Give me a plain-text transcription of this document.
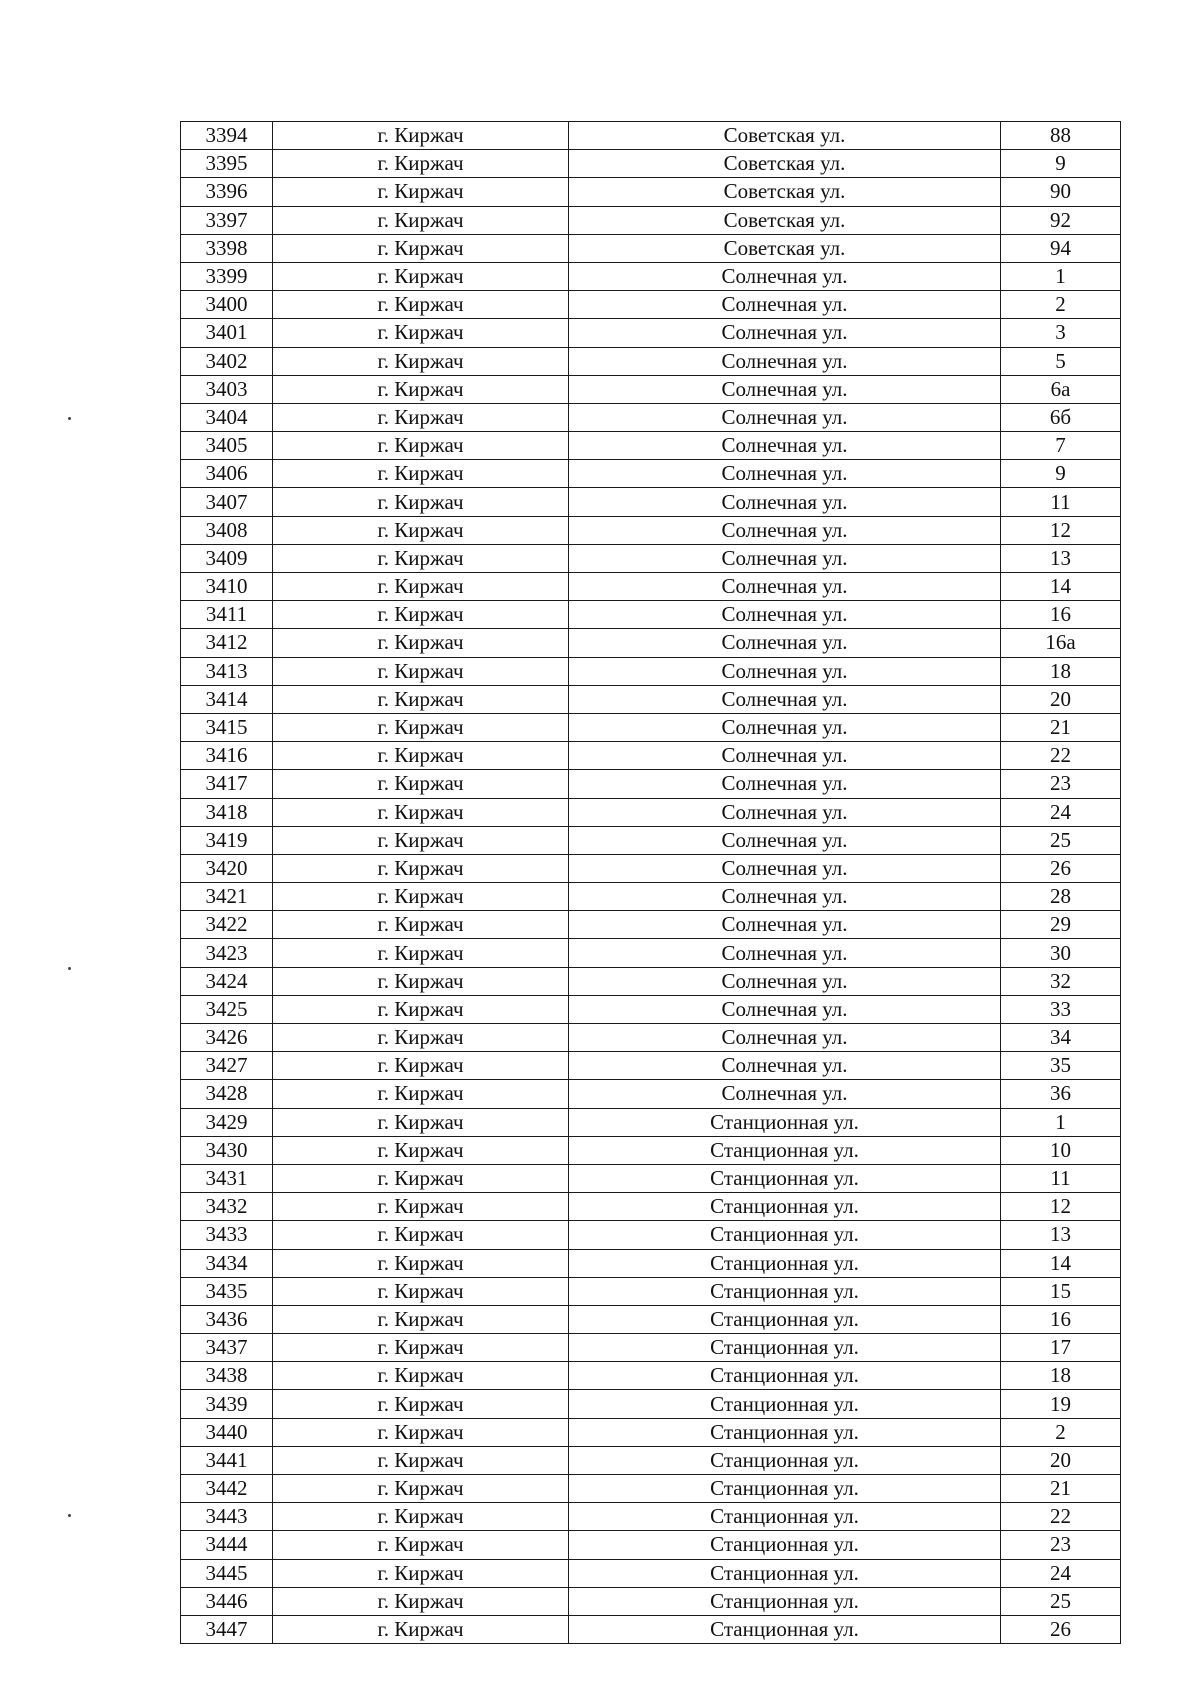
3394	г. Киржач	Советская ул.	88
3395	г. Киржач	Советская ул.	9
3396	г. Киржач	Советская ул.	90
3397	г. Киржач	Советская ул.	92
3398	г. Киржач	Советская ул.	94
3399	г. Киржач	Солнечная ул.	1
3400	г. Киржач	Солнечная ул.	2
3401	г. Киржач	Солнечная ул.	3
3402	г. Киржач	Солнечная ул.	5
3403	г. Киржач	Солнечная ул.	6а
3404	г. Киржач	Солнечная ул.	6б
3405	г. Киржач	Солнечная ул.	7
3406	г. Киржач	Солнечная ул.	9
3407	г. Киржач	Солнечная ул.	11
3408	г. Киржач	Солнечная ул.	12
3409	г. Киржач	Солнечная ул.	13
3410	г. Киржач	Солнечная ул.	14
3411	г. Киржач	Солнечная ул.	16
3412	г. Киржач	Солнечная ул.	16а
3413	г. Киржач	Солнечная ул.	18
3414	г. Киржач	Солнечная ул.	20
3415	г. Киржач	Солнечная ул.	21
3416	г. Киржач	Солнечная ул.	22
3417	г. Киржач	Солнечная ул.	23
3418	г. Киржач	Солнечная ул.	24
3419	г. Киржач	Солнечная ул.	25
3420	г. Киржач	Солнечная ул.	26
3421	г. Киржач	Солнечная ул.	28
3422	г. Киржач	Солнечная ул.	29
3423	г. Киржач	Солнечная ул.	30
3424	г. Киржач	Солнечная ул.	32
3425	г. Киржач	Солнечная ул.	33
3426	г. Киржач	Солнечная ул.	34
3427	г. Киржач	Солнечная ул.	35
3428	г. Киржач	Солнечная ул.	36
3429	г. Киржач	Станционная ул.	1
3430	г. Киржач	Станционная ул.	10
3431	г. Киржач	Станционная ул.	11
3432	г. Киржач	Станционная ул.	12
3433	г. Киржач	Станционная ул.	13
3434	г. Киржач	Станционная ул.	14
3435	г. Киржач	Станционная ул.	15
3436	г. Киржач	Станционная ул.	16
3437	г. Киржач	Станционная ул.	17
3438	г. Киржач	Станционная ул.	18
3439	г. Киржач	Станционная ул.	19
3440	г. Киржач	Станционная ул.	2
3441	г. Киржач	Станционная ул.	20
3442	г. Киржач	Станционная ул.	21
3443	г. Киржач	Станционная ул.	22
3444	г. Киржач	Станционная ул.	23
3445	г. Киржач	Станционная ул.	24
3446	г. Киржач	Станционная ул.	25
3447	г. Киржач	Станционная ул.	26
